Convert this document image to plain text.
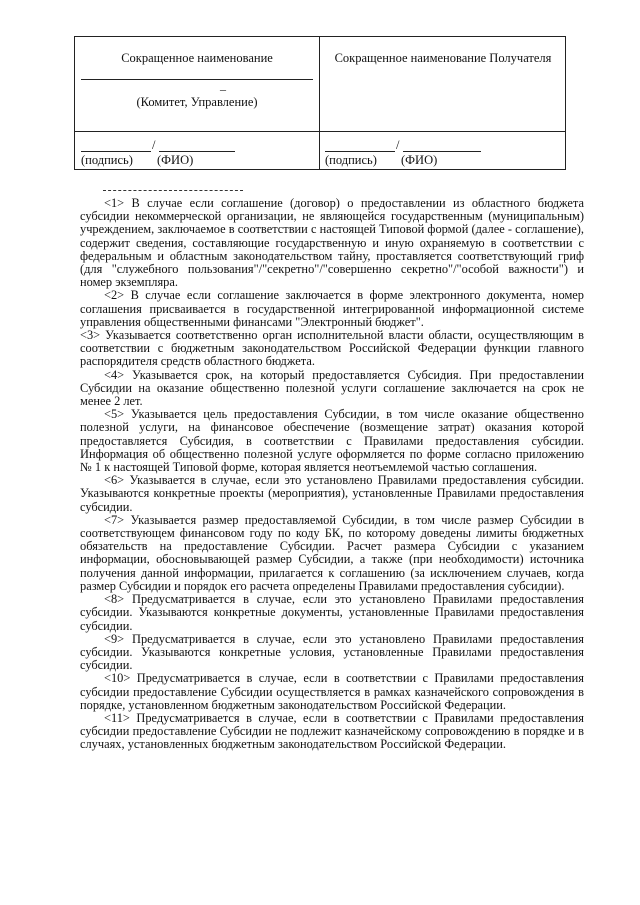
Сокращенное наименование
_
(Комитет, Управление)
Сокращенное наименование Получателя
/
(подпись) (ФИО)
/
(подпись) (ФИО)

<1> В случае если соглашение (договор) о предоставлении из областного бюджета субсидии некоммерческой организации, не являющейся государственным (муниципальным) учреждением, заключаемое в соответствии с настоящей Типовой формой (далее - соглашение), содержит сведения, составляющие государственную и иную охраняемую в соответствии с федеральным и областным законодательством тайну, проставляется соответствующий гриф (для "служебного пользования"/"секретно"/"совершенно секретно"/"особой важности") и номер экземпляра.

<2> В случае если соглашение заключается в форме электронного документа, номер соглашения присваивается в государственной интегрированной информационной системе управления общественными финансами "Электронный бюджет".

<3> Указывается соответственно орган исполнительной власти области, осуществляющим в соответствии с бюджетным законодательством Российской Федерации функции главного распорядителя средств областного бюджета.

<4> Указывается срок, на который предоставляется Субсидия. При предоставлении Субсидии на оказание общественно полезной услуги соглашение заключается на срок не менее 2 лет.

<5> Указывается цель предоставления Субсидии, в том числе оказание общественно полезной услуги, на финансовое обеспечение (возмещение затрат) оказания которой предоставляется Субсидия, в соответствии с Правилами предоставления субсидии. Информация об общественно полезной услуге оформляется по форме согласно приложению № 1 к настоящей Типовой форме, которая является неотъемлемой частью соглашения.

<6> Указывается в случае, если это установлено Правилами предоставления субсидии. Указываются конкретные проекты (мероприятия), установленные Правилами предоставления субсидии.

<7> Указывается размер предоставляемой Субсидии, в том числе размер Субсидии в соответствующем финансовом году по коду БК, по которому доведены лимиты бюджетных обязательств на предоставление Субсидии. Расчет размера Субсидии с указанием информации, обосновывающей размер Субсидии, а также (при необходимости) источника получения данной информации, прилагается к соглашению (за исключением случаев, когда размер Субсидии и порядок его расчета определены Правилами предоставления субсидии).

<8> Предусматривается в случае, если это установлено Правилами предоставления субсидии. Указываются конкретные документы, установленные Правилами предоставления субсидии.

<9> Предусматривается в случае, если это установлено Правилами предоставления субсидии. Указываются конкретные условия, установленные Правилами предоставления субсидии.

<10> Предусматривается в случае, если в соответствии с Правилами предоставления субсидии предоставление Субсидии осуществляется в рамках казначейского сопровождения в порядке, установленном бюджетным законодательством Российской Федерации.

<11> Предусматривается в случае, если в соответствии с Правилами предоставления субсидии предоставление Субсидии не подлежит казначейскому сопровождению в порядке и в случаях, установленных бюджетным законодательством Российской Федерации.
